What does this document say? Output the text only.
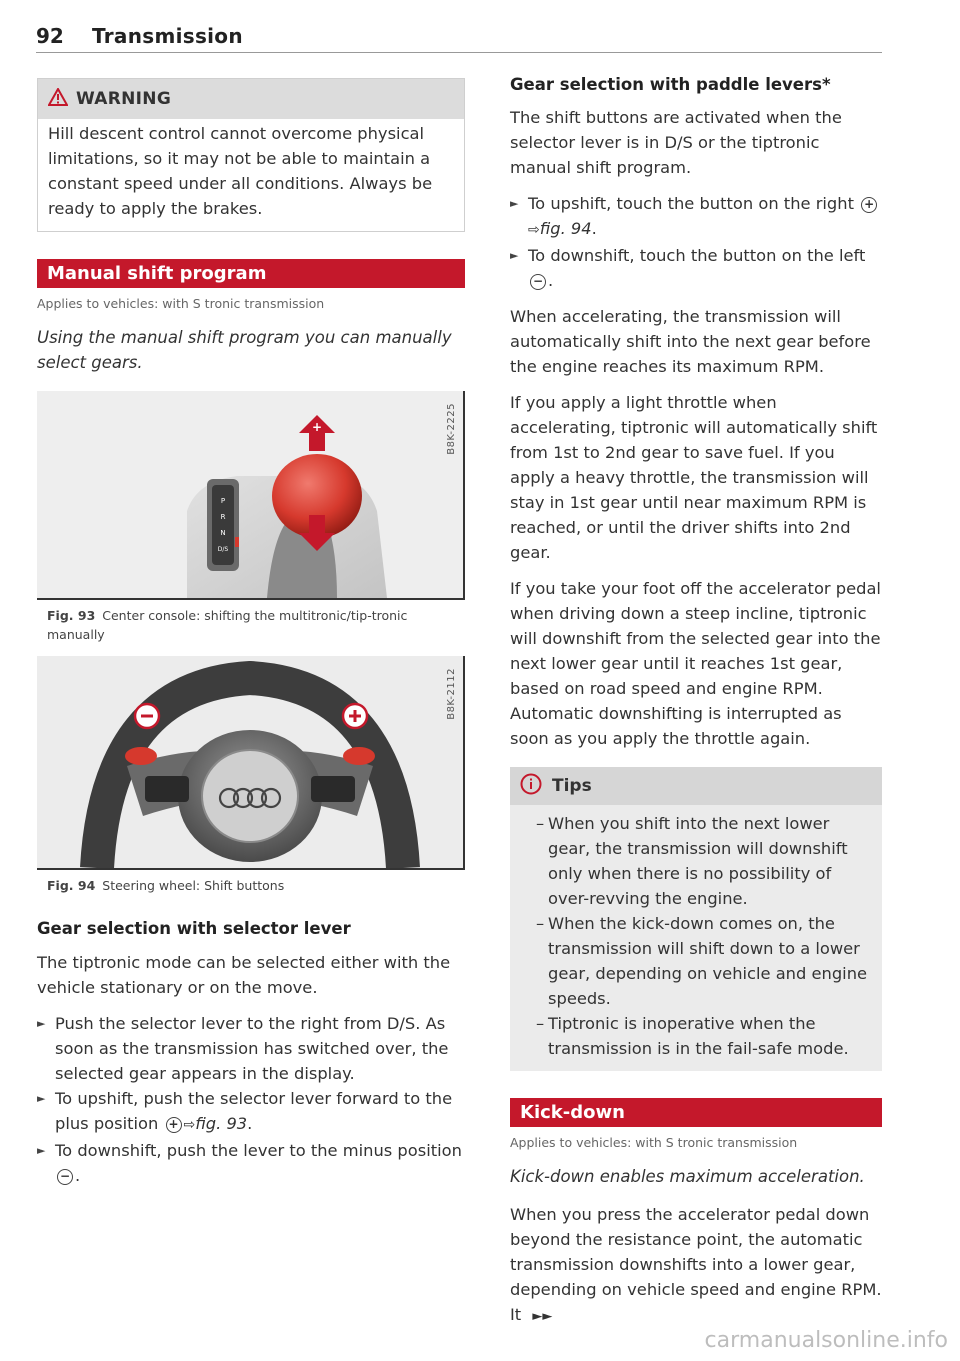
92 Transmission
WARNING
Hill descent control cannot overcome physical limitations, so it may not be able to maintain a constant speed under all conditions. Always be ready to apply the brakes.
Manual shift program
Applies to vehicles: with S tronic transmission
Using the manual shift program you can manually select gears.
B8K-2225
P
R
N
D/S
+
Fig. 93 Center console: shifting the multitronic/tip-tronic manually
B8K-2112
Fig. 94 Steering wheel: Shift buttons
Gear selection with selector lever

The tiptronic mode can be selected either with the vehicle stationary or on the move.

► Push the selector lever to the right from D/S. As soon as the transmission has switched over, the selected gear appears in the display.
► To upshift, push the selector lever forward to the plus position + ⇨fig. 93.
► To downshift, push the lever to the minus position − .
Gear selection with paddle levers*

The shift buttons are activated when the selector lever is in D/S or the tiptronic manual shift program.

► To upshift, touch the button on the right + ⇨fig. 94.
► To downshift, touch the button on the left − .

When accelerating, the transmission will automatically shift into the next gear before the engine reaches its maximum RPM.

If you apply a light throttle when accelerating, tiptronic will automatically shift from 1st to 2nd gear to save fuel. If you apply a heavy throttle, the transmission will stay in 1st gear until near maximum RPM is reached, or until the driver shifts into 2nd gear.

If you take your foot off the accelerator pedal when driving down a steep incline, tiptronic will downshift from the selected gear into the next lower gear until it reaches 1st gear, based on road speed and engine RPM. Automatic downshifting is interrupted as soon as you apply the throttle again.

Tips
– When you shift into the next lower gear, the transmission will downshift only when there is no possibility of over-revving the engine.
– When the kick-down comes on, the transmission will shift down to a lower gear, depending on vehicle and engine speeds.
– Tiptronic is inoperative when the transmission is in the fail-safe mode.
Kick-down
Applies to vehicles: with S tronic transmission
Kick-down enables maximum acceleration.

When you press the accelerator pedal down beyond the resistance point, the automatic transmission downshifts into a lower gear, depending on vehicle speed and engine RPM. It ►►

carmanualsonline.info
